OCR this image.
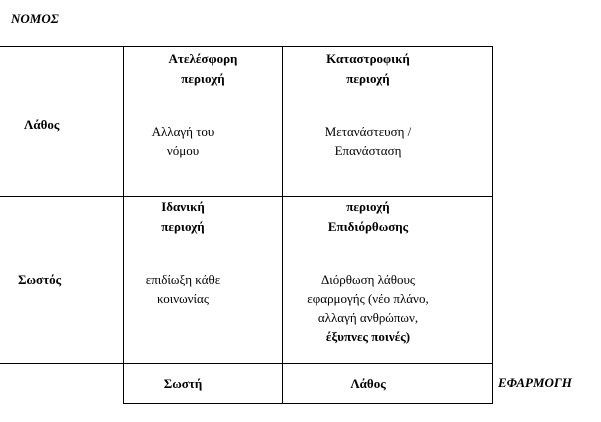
ΝΟΜΟΣ
ΕΦΑΡΜΟΓΗ
Λάθος
Σωστός
Ατελέσφορη
περιοχή
Αλλαγή του
νόμου
Καταστροφική
περιοχή
Μετανάστευση /
Επανάσταση
Ιδανική
περιοχή
επιδίωξη κάθε
κοινωνίας
περιοχή
Επιδιόρθωσης
Διόρθωση λάθους
εφαρμογής (νέο πλάνο,
αλλαγή ανθρώπων,
έξυπνες ποινές)
Σωστή	Λάθος
